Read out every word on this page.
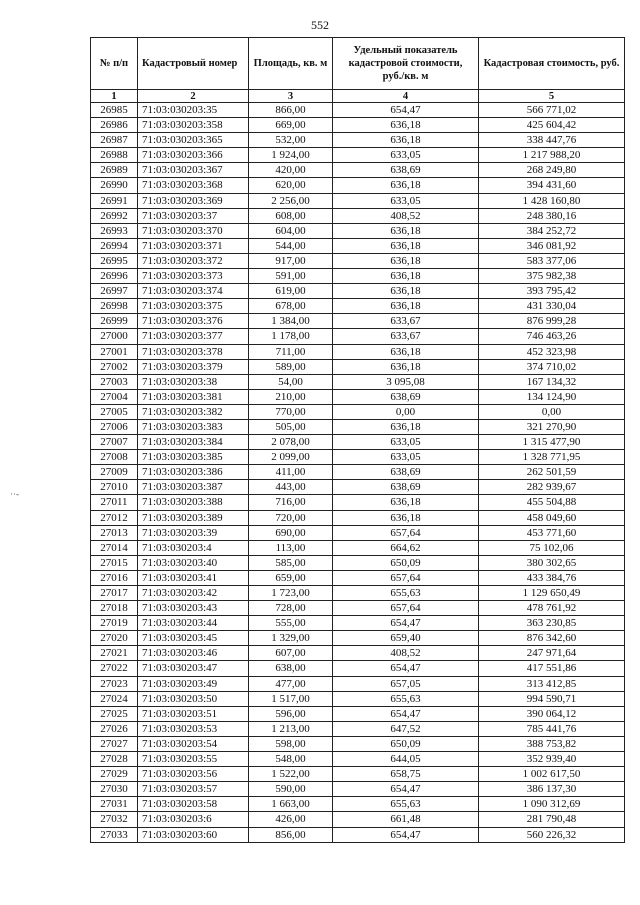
552
··-
№ п/п	Кадастровый номер	Площадь, кв. м	Удельный показатель кадастровой стоимости, руб./кв. м	Кадастровая стоимость, руб.
1	2	3	4	5
26985	71:03:030203:35	866,00	654,47	566 771,02
26986	71:03:030203:358	669,00	636,18	425 604,42
26987	71:03:030203:365	532,00	636,18	338 447,76
26988	71:03:030203:366	1 924,00	633,05	1 217 988,20
26989	71:03:030203:367	420,00	638,69	268 249,80
26990	71:03:030203:368	620,00	636,18	394 431,60
26991	71:03:030203:369	2 256,00	633,05	1 428 160,80
26992	71:03:030203:37	608,00	408,52	248 380,16
26993	71:03:030203:370	604,00	636,18	384 252,72
26994	71:03:030203:371	544,00	636,18	346 081,92
26995	71:03:030203:372	917,00	636,18	583 377,06
26996	71:03:030203:373	591,00	636,18	375 982,38
26997	71:03:030203:374	619,00	636,18	393 795,42
26998	71:03:030203:375	678,00	636,18	431 330,04
26999	71:03:030203:376	1 384,00	633,67	876 999,28
27000	71:03:030203:377	1 178,00	633,67	746 463,26
27001	71:03:030203:378	711,00	636,18	452 323,98
27002	71:03:030203:379	589,00	636,18	374 710,02
27003	71:03:030203:38	54,00	3 095,08	167 134,32
27004	71:03:030203:381	210,00	638,69	134 124,90
27005	71:03:030203:382	770,00	0,00	0,00
27006	71:03:030203:383	505,00	636,18	321 270,90
27007	71:03:030203:384	2 078,00	633,05	1 315 477,90
27008	71:03:030203:385	2 099,00	633,05	1 328 771,95
27009	71:03:030203:386	411,00	638,69	262 501,59
27010	71:03:030203:387	443,00	638,69	282 939,67
27011	71:03:030203:388	716,00	636,18	455 504,88
27012	71:03:030203:389	720,00	636,18	458 049,60
27013	71:03:030203:39	690,00	657,64	453 771,60
27014	71:03:030203:4	113,00	664,62	75 102,06
27015	71:03:030203:40	585,00	650,09	380 302,65
27016	71:03:030203:41	659,00	657,64	433 384,76
27017	71:03:030203:42	1 723,00	655,63	1 129 650,49
27018	71:03:030203:43	728,00	657,64	478 761,92
27019	71:03:030203:44	555,00	654,47	363 230,85
27020	71:03:030203:45	1 329,00	659,40	876 342,60
27021	71:03:030203:46	607,00	408,52	247 971,64
27022	71:03:030203:47	638,00	654,47	417 551,86
27023	71:03:030203:49	477,00	657,05	313 412,85
27024	71:03:030203:50	1 517,00	655,63	994 590,71
27025	71:03:030203:51	596,00	654,47	390 064,12
27026	71:03:030203:53	1 213,00	647,52	785 441,76
27027	71:03:030203:54	598,00	650,09	388 753,82
27028	71:03:030203:55	548,00	644,05	352 939,40
27029	71:03:030203:56	1 522,00	658,75	1 002 617,50
27030	71:03:030203:57	590,00	654,47	386 137,30
27031	71:03:030203:58	1 663,00	655,63	1 090 312,69
27032	71:03:030203:6	426,00	661,48	281 790,48
27033	71:03:030203:60	856,00	654,47	560 226,32
